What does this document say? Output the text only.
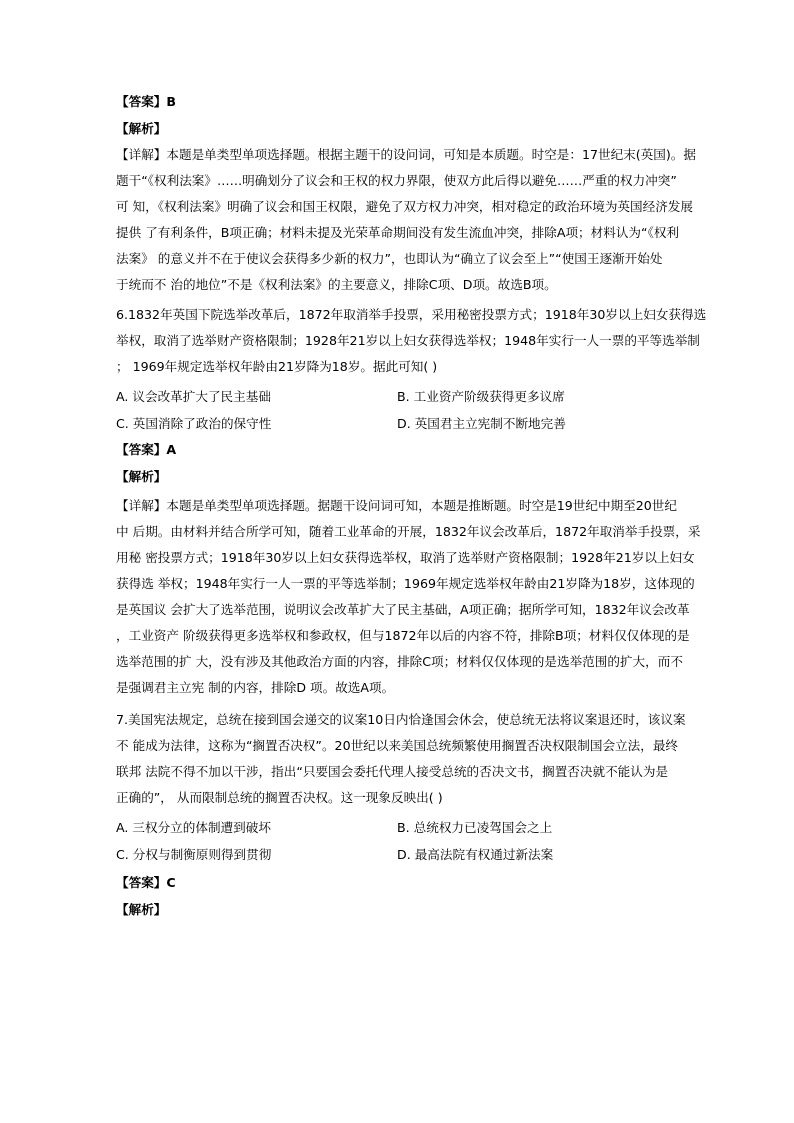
【答案】B
【解析】
【详解】本题是单类型单项选择题。根据主题干的设问词，可知是本质题。时空是：17世纪末(英国)。据
题干“《权利法案》……明确划分了议会和王权的权力界限，使双方此后得以避免……严重的权力冲突”
可 知，《权利法案》明确了议会和国王权限，避免了双方权力冲突，相对稳定的政治环境为英国经济发展
提供 了有利条件，B项正确；材料未提及光荣革命期间没有发生流血冲突，排除A项；材料认为“《权利
法案》 的意义并不在于使议会获得多少新的权力”，也即认为“确立了议会至上”“使国王逐渐开始处
于统而不 治的地位”不是《权利法案》的主要意义，排除C项、D项。故选B项。
6.1832年英国下院选举改革后，1872年取消举手投票，采用秘密投票方式；1918年30岁以上妇女获得选
举权，取消了选举财产资格限制；1928年21岁以上妇女获得选举权；1948年实行一人一票的平等选举制
； 1969年规定选举权年龄由21岁降为18岁。据此可知( )
A. 议会改革扩大了民主基础	B. 工业资产阶级获得更多议席
C. 英国消除了政治的保守性	D. 英国君主立宪制不断地完善
【答案】A
【解析】
【详解】本题是单类型单项选择题。据题干设问词可知，本题是推断题。时空是19世纪中期至20世纪
中 后期。由材料并结合所学可知，随着工业革命的开展，1832年议会改革后，1872年取消举手投票，采
用秘 密投票方式；1918年30岁以上妇女获得选举权，取消了选举财产资格限制；1928年21岁以上妇女
获得选 举权；1948年实行一人一票的平等选举制；1969年规定选举权年龄由21岁降为18岁，这体现的
是英国议 会扩大了选举范围，说明议会改革扩大了民主基础，A项正确；据所学可知，1832年议会改革
，工业资产 阶级获得更多选举权和参政权，但与1872年以后的内容不符，排除B项；材料仅仅体现的是
选举范围的扩 大，没有涉及其他政治方面的内容，排除C项；材料仅仅体现的是选举范围的扩大，而不
是强调君主立宪 制的内容，排除D 项。故选A项。
7.美国宪法规定，总统在接到国会递交的议案10日内恰逢国会休会，使总统无法将议案退还时，该议案
不 能成为法律，这称为“搁置否决权”。20世纪以来美国总统频繁使用搁置否决权限制国会立法，最终
联邦 法院不得不加以干涉，指出“只要国会委托代理人接受总统的否决文书，搁置否决就不能认为是
正确的”， 从而限制总统的搁置否决权。这一现象反映出( )
A. 三权分立的体制遭到破坏	B. 总统权力已凌驾国会之上
C. 分权与制衡原则得到贯彻	D. 最高法院有权通过新法案
【答案】C
【解析】
